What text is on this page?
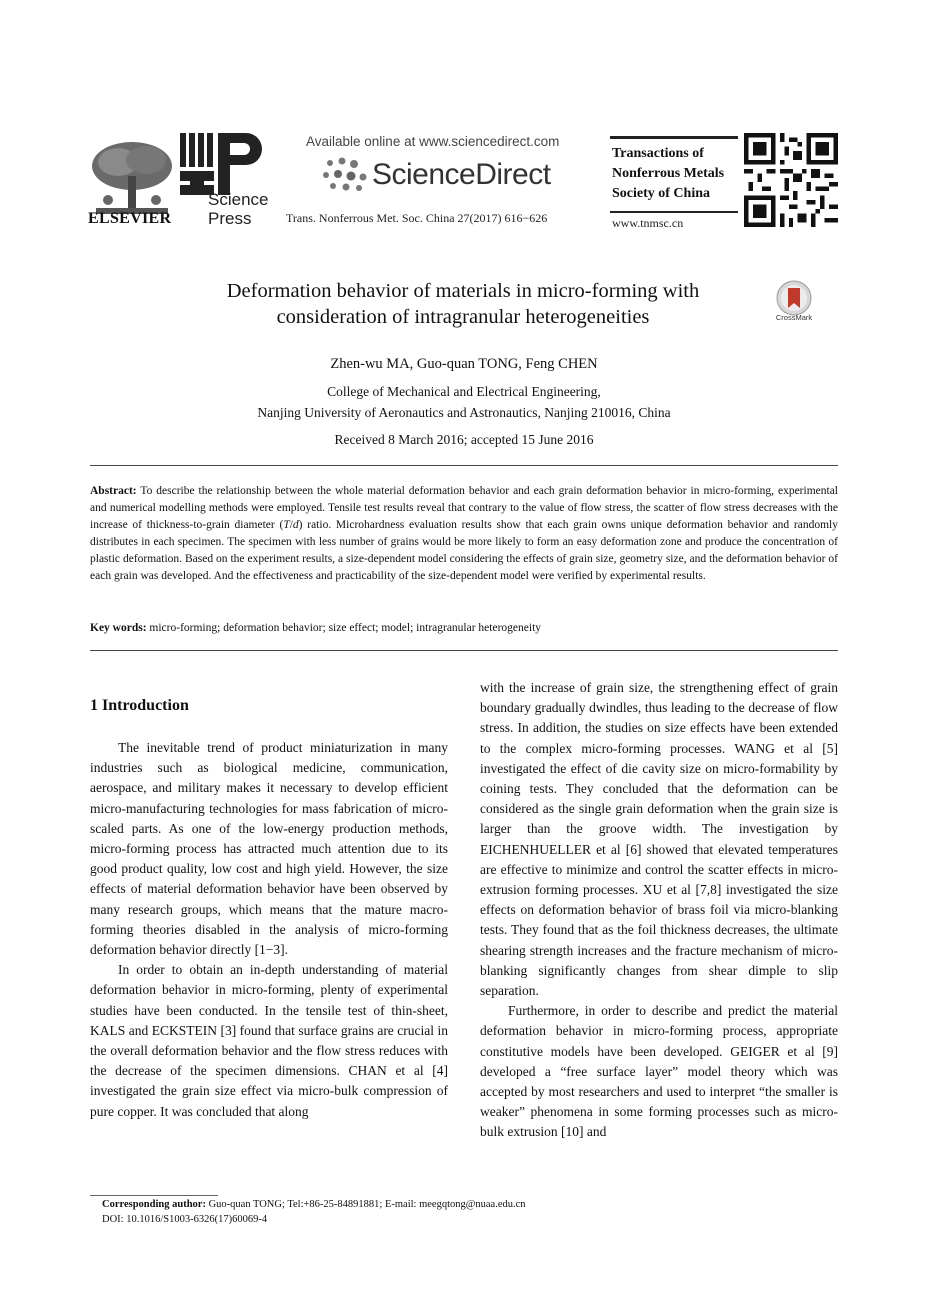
ELSEVIER
Science
Press
Available online at www.sciencedirect.com
ScienceDirect
Trans. Nonferrous Met. Soc. China 27(2017) 616−626
Transactions of
Nonferrous Metals
Society of China
www.tnmsc.cn
Deformation behavior of materials in micro-forming with
consideration of intragranular heterogeneities	CrossMark
Zhen-wu MA, Guo-quan TONG, Feng CHEN
College of Mechanical and Electrical Engineering,
Nanjing University of Aeronautics and Astronautics, Nanjing 210016, China
Received 8 March 2016; accepted 15 June 2016
Abstract: To describe the relationship between the whole material deformation behavior and each grain deformation behavior in micro-forming, experimental and numerical modelling methods were employed. Tensile test results reveal that contrary to the value of flow stress, the scatter of flow stress decreases with the increase of thickness-to-grain diameter (T/d) ratio. Microhardness evaluation results show that each grain owns unique deformation behavior and randomly distributes in each specimen. The specimen with less number of grains would be more likely to form an easy deformation zone and produce the concentration of plastic deformation. Based on the experiment results, a size-dependent model considering the effects of grain size, geometry size, and the deformation behavior of each grain was developed. And the effectiveness and practicability of the size-dependent model were verified by experimental results.
Key words: micro-forming; deformation behavior; size effect; model; intragranular heterogeneity
1 Introduction

The inevitable trend of product miniaturization in many industries such as biological medicine, communication, aerospace, and military makes it necessary to develop efficient micro-manufacturing technologies for mass fabrication of micro-scaled parts. As one of the low-energy production methods, micro-forming process has attracted much attention due to its good product quality, low cost and high yield. However, the size effects of material deformation behavior have been observed by many research groups, which means that the mature macro-forming theories disabled in the analysis of micro-forming deformation behavior directly [1−3].

In order to obtain an in-depth understanding of material deformation behavior in micro-forming, plenty of experimental studies have been conducted. In the tensile test of thin-sheet, KALS and ECKSTEIN [3] found that surface grains are crucial in the overall deformation behavior and the flow stress reduces with the decrease of the specimen dimensions. CHAN et al [4] investigated the grain size effect via micro-bulk compression of pure copper. It was concluded that along

with the increase of grain size, the strengthening effect of grain boundary gradually dwindles, thus leading to the decrease of flow stress. In addition, the studies on size effects have been extended to the complex micro-forming processes. WANG et al [5] investigated the effect of die cavity size on micro-formability by coining tests. They concluded that the deformation can be considered as the single grain deformation when the grain size is larger than the groove width. The investigation by EICHENHUELLER et al [6] showed that elevated temperatures are effective to minimize and control the scatter effects in micro-extrusion forming processes. XU et al [7,8] investigated the size effects on deformation behavior of brass foil via micro-blanking tests. They found that as the foil thickness decreases, the ultimate shearing strength increases and the fracture mechanism of micro-blanking significantly changes from shear dimple to slip separation.

Furthermore, in order to describe and predict the material deformation behavior in micro-forming process, appropriate constitutive models have been developed. GEIGER et al [9] developed a “free surface layer” model theory which was accepted by most researchers and used to interpret “the smaller is weaker” phenomena in some forming processes such as micro-bulk extrusion [10] and

Corresponding author: Guo-quan TONG; Tel:+86-25-84891881; E-mail: meegqtong@nuaa.edu.cn
DOI: 10.1016/S1003-6326(17)60069-4
